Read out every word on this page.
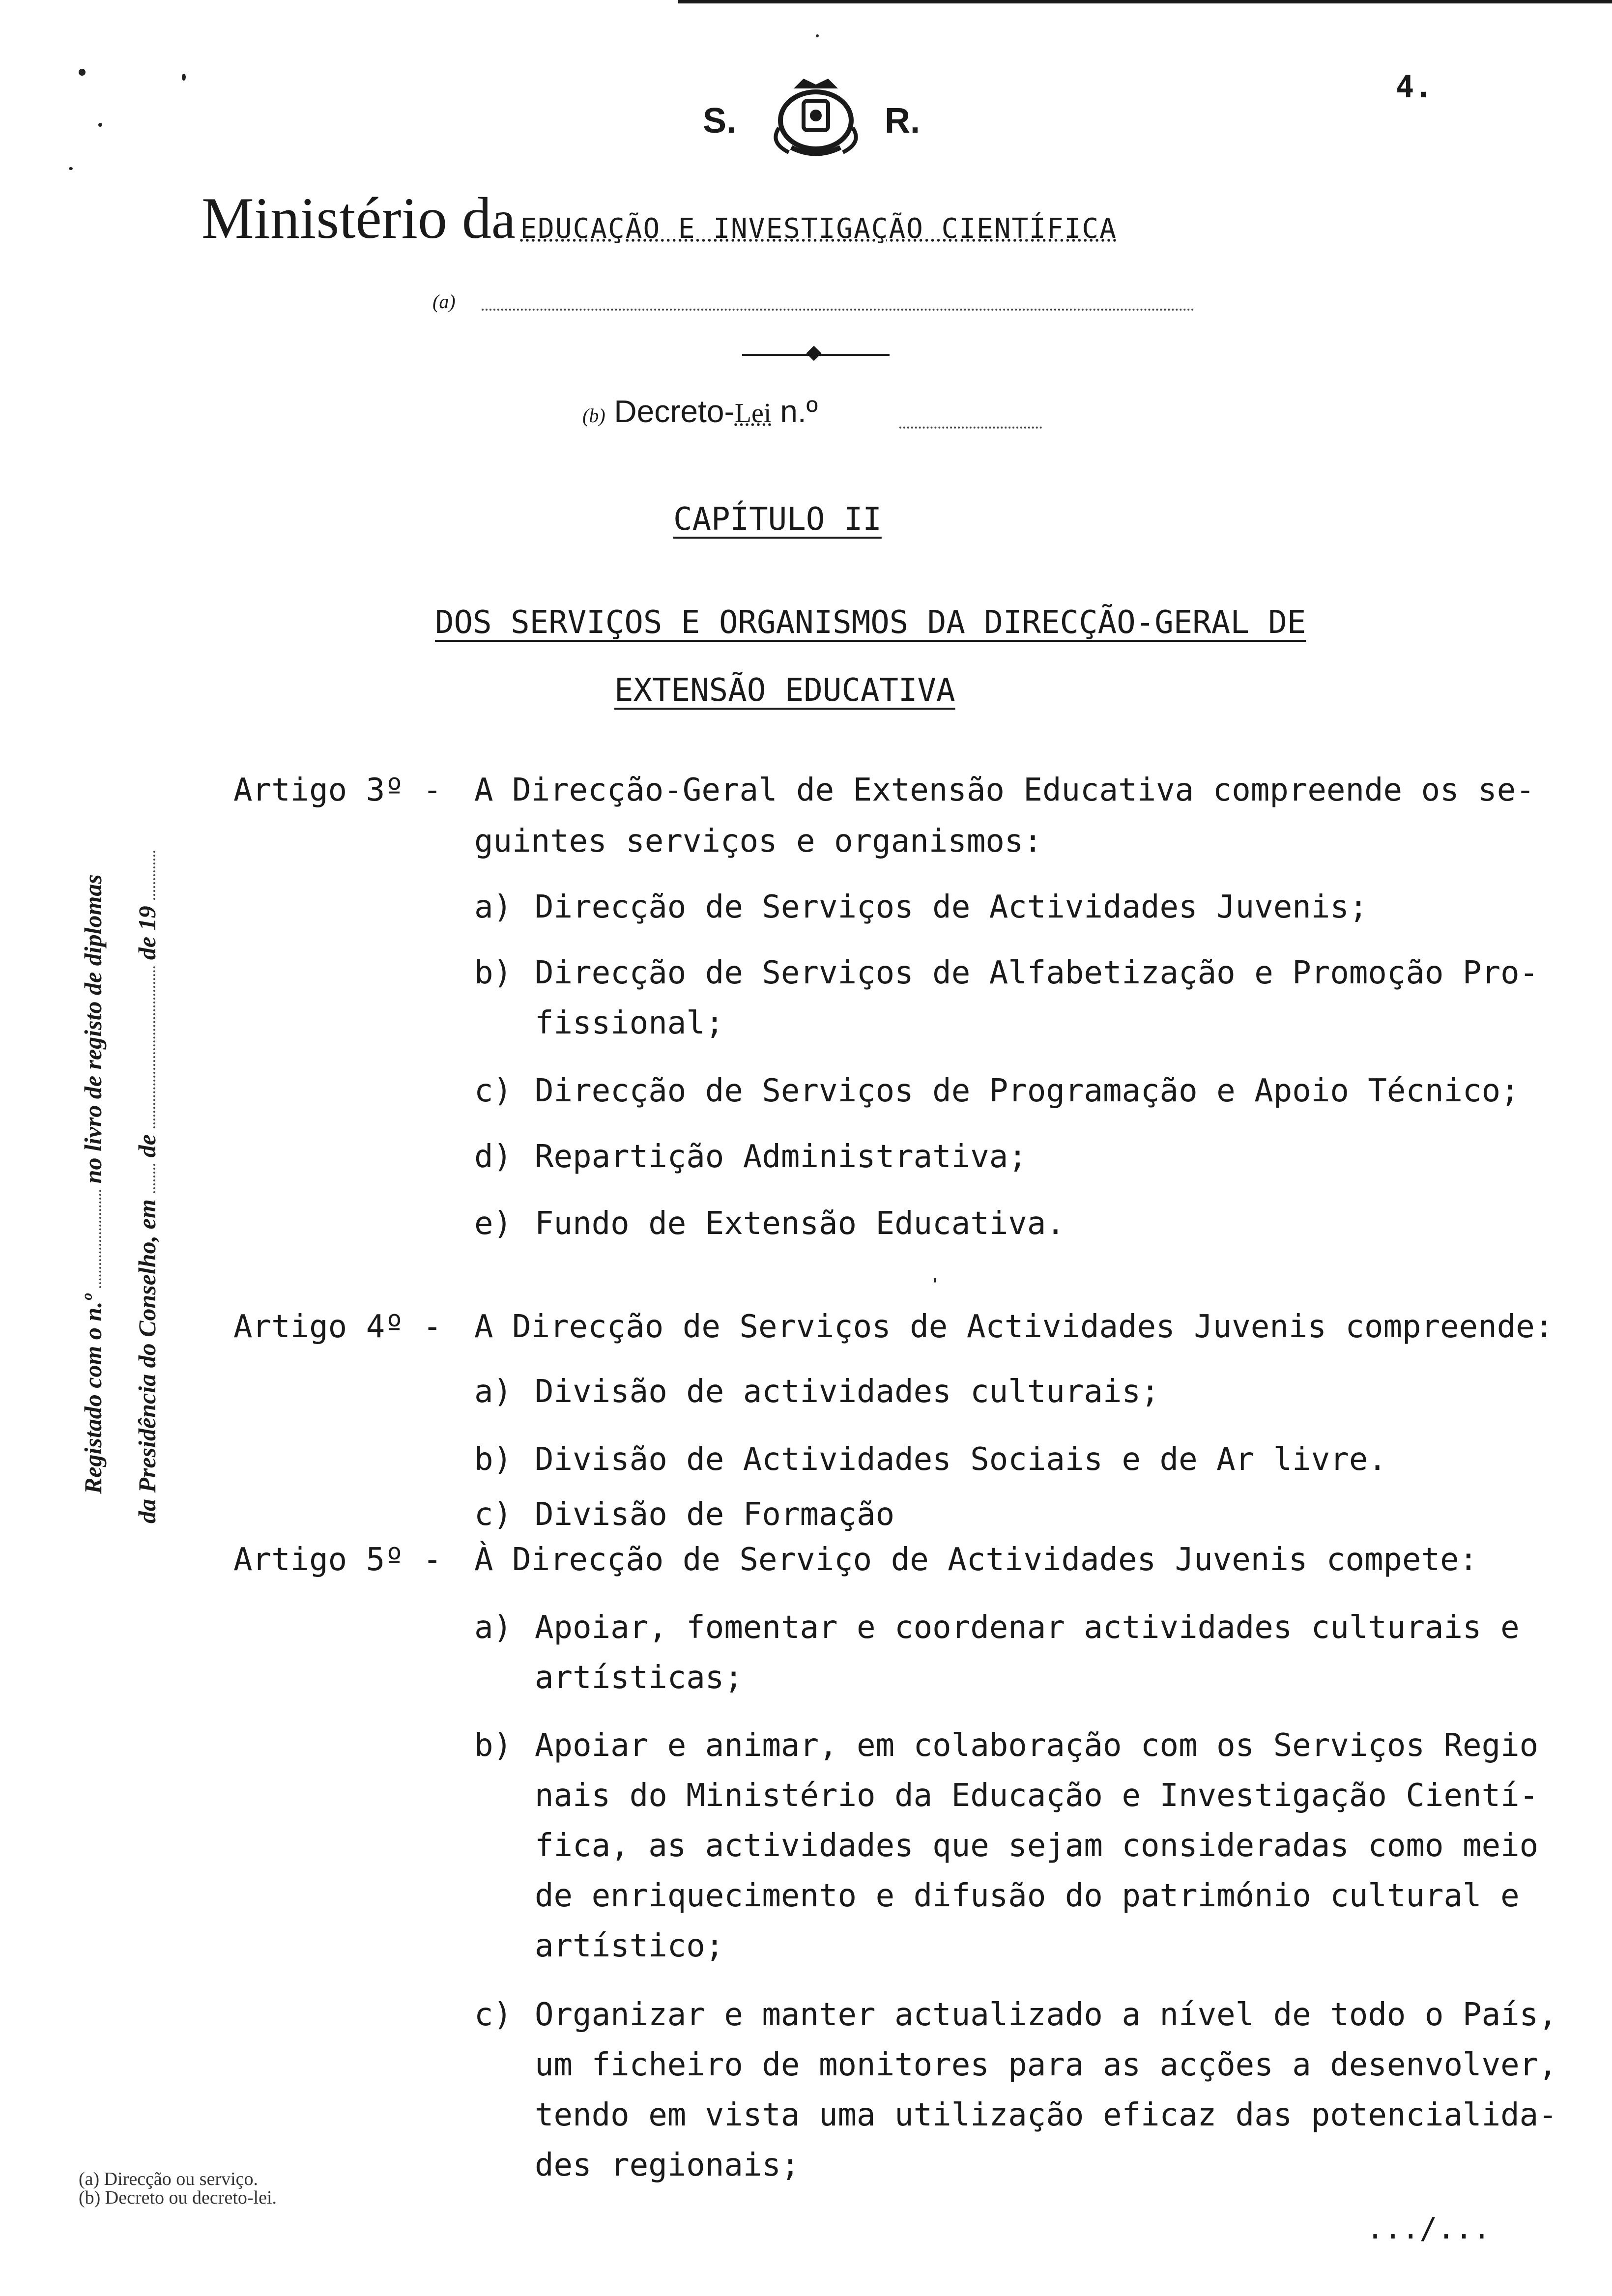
4.
S.	R.
Ministério da EDUCAÇÃO E INVESTIGAÇÃO CIENTÍFICA
(a)
(b) Decreto-Lei n.º
CAPÍTULO II
DOS SERVIÇOS E ORGANISMOS DA DIRECÇÃO-GERAL DE
EXTENSÃO EDUCATIVA
Artigo 3º - A Direcção-Geral de Extensão Educativa compreende os se-
guintes serviços e organismos:
a) Direcção de Serviços de Actividades Juvenis;
b) Direcção de Serviços de Alfabetização e Promoção Pro-
fissional;
c) Direcção de Serviços de Programação e Apoio Técnico;
d) Repartição Administrativa;
e) Fundo de Extensão Educativa.
Artigo 4º - A Direcção de Serviços de Actividades Juvenis compreende:
a) Divisão de actividades culturais;
b) Divisão de Actividades Sociais e de Ar livre.
c) Divisão de Formação
Artigo 5º - À Direcção de Serviço de Actividades Juvenis compete:
a) Apoiar, fomentar e coordenar actividades culturais e
artísticas;
b) Apoiar e animar, em colaboração com os Serviços Regio
nais do Ministério da Educação e Investigação Cientí-
fica, as actividades que sejam consideradas como meio
de enriquecimento e difusão do património cultural e
artístico;
c) Organizar e manter actualizado a nível de todo o País,
um ficheiro de monitores para as acções a desenvolver,
tendo em vista uma utilização eficaz das potencialida-
des regionais;
Registado com o n.º  no livro de registo de diplomas
da Presidência do Conselho, em  de  de 19
(a) Direcção ou serviço.
(b) Decreto ou decreto-lei.
.../...
